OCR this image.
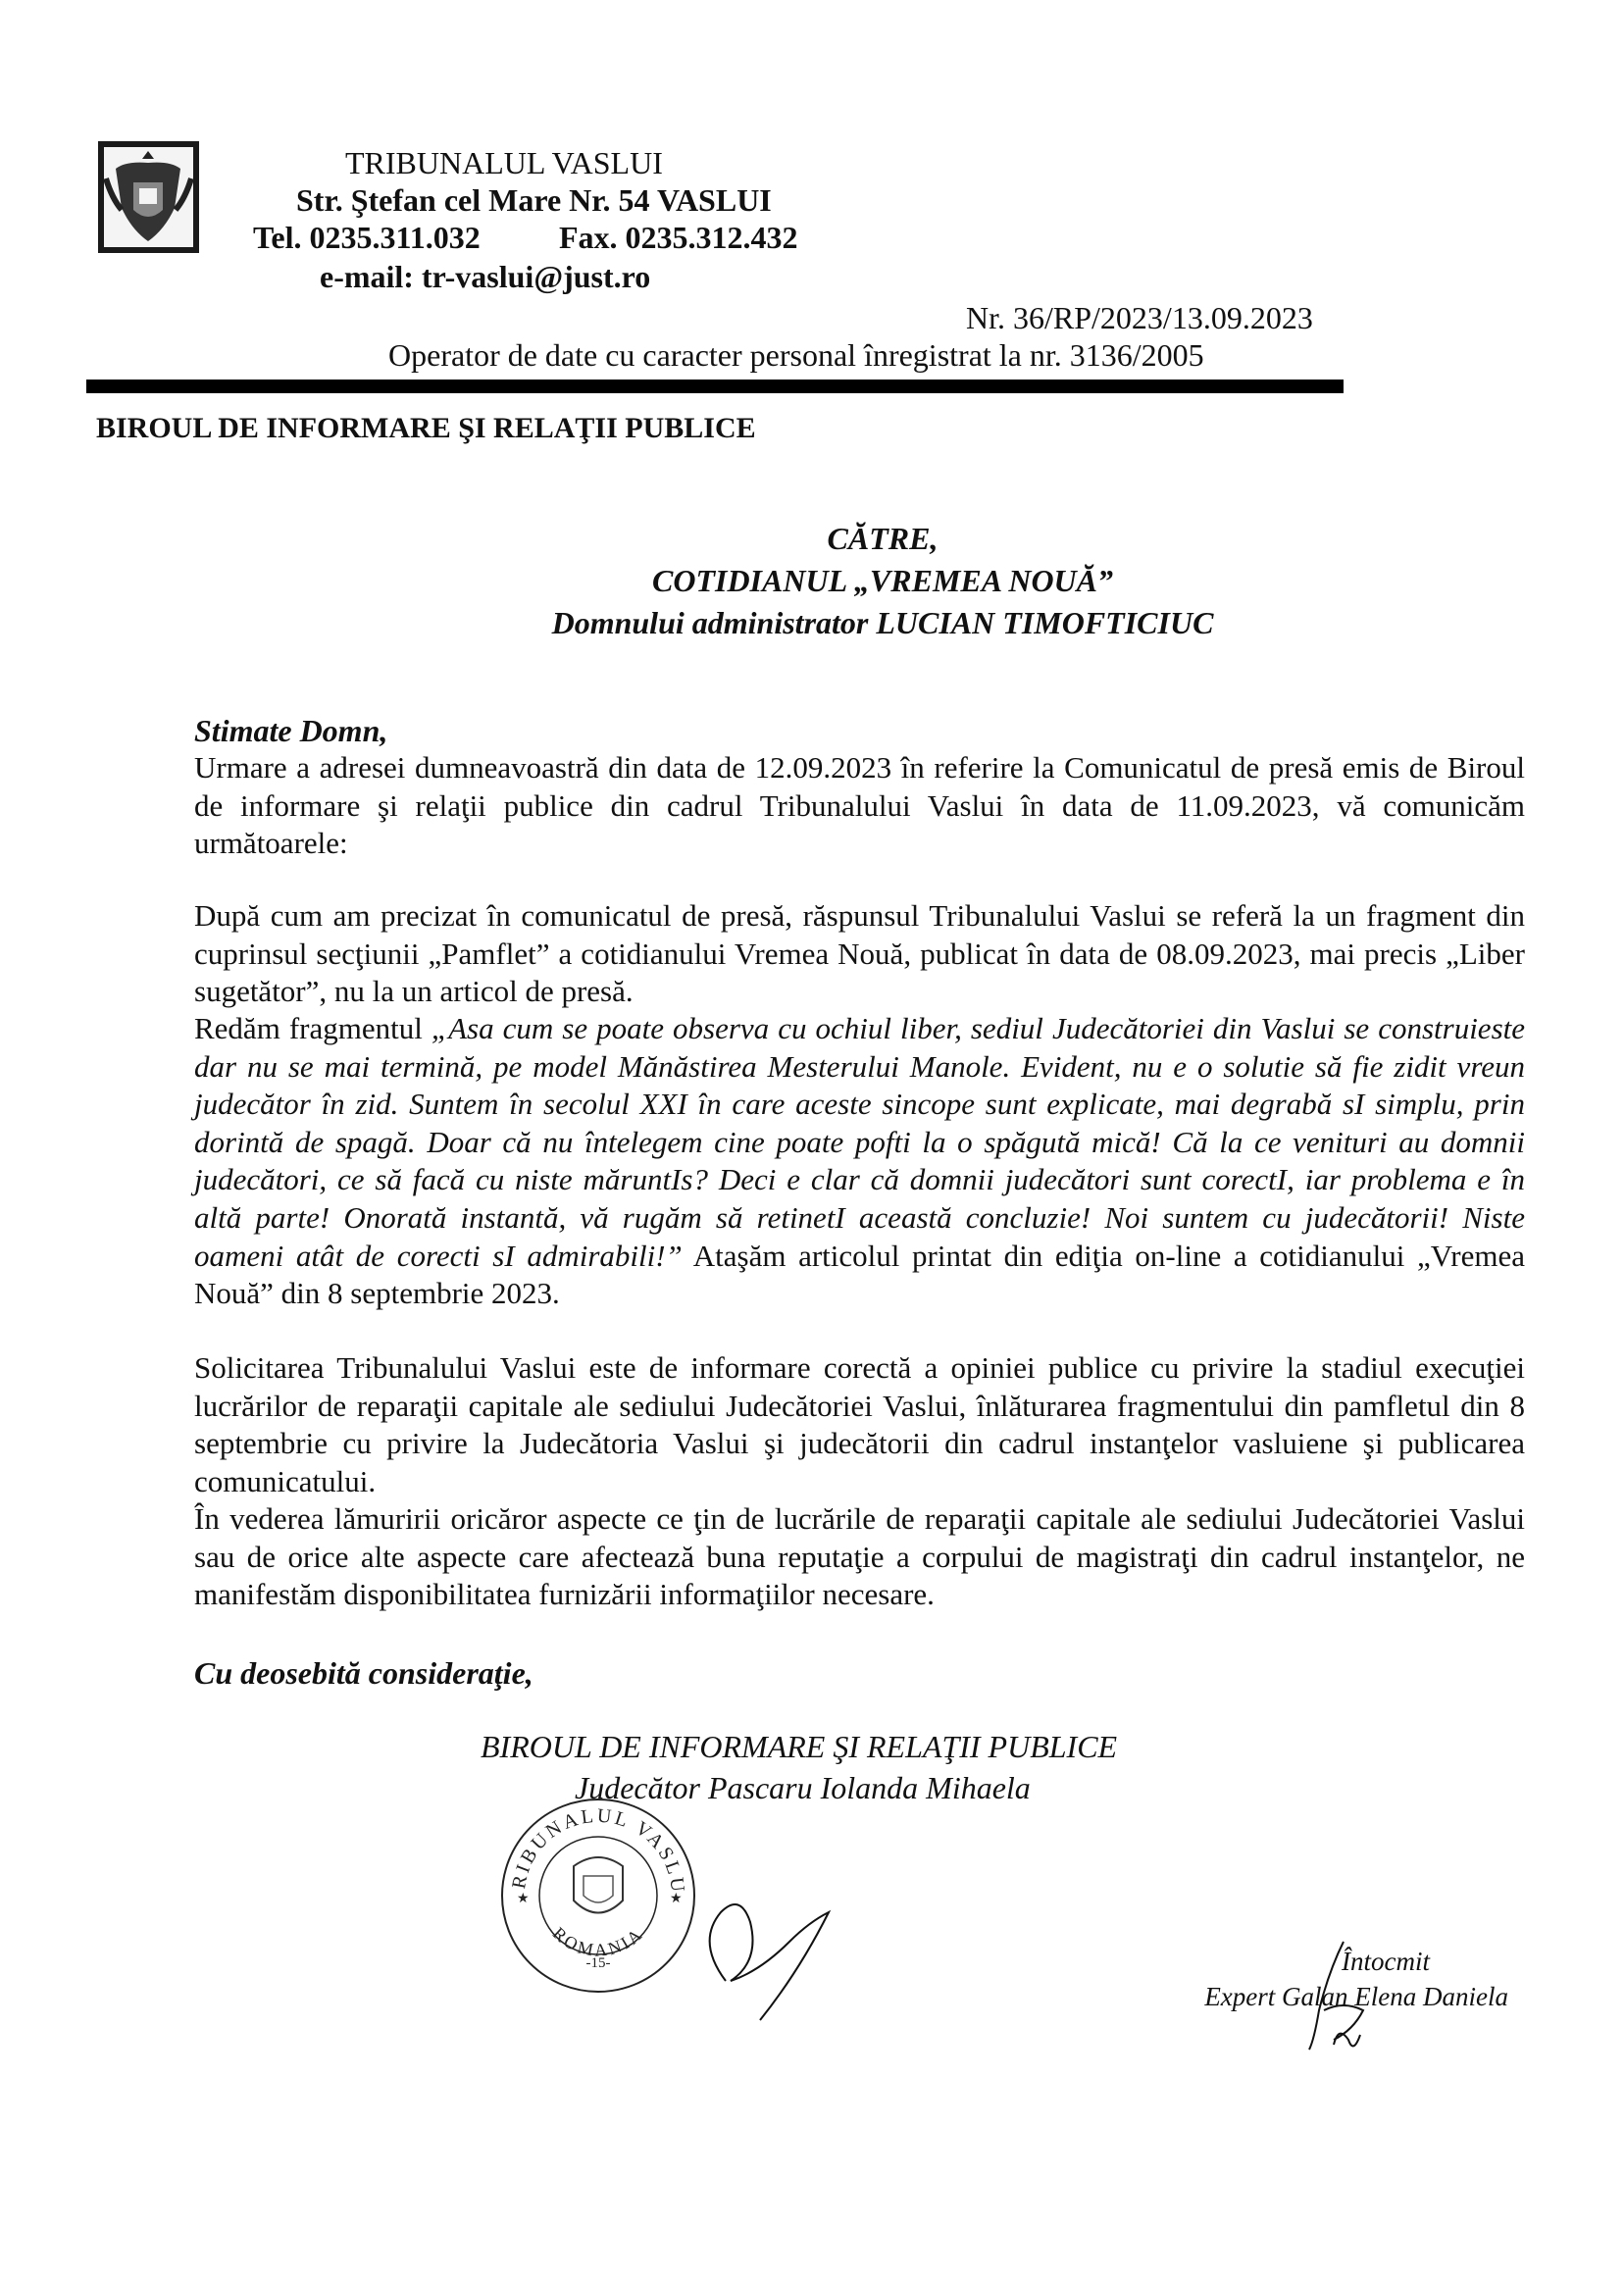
TRIBUNALUL VASLUI
Str. Ştefan cel Mare Nr. 54 VASLUI
Tel. 0235.311.032	Fax. 0235.312.432
e-mail: tr-vaslui@just.ro
Nr. 36/RP/2023/13.09.2023
Operator de date cu caracter personal înregistrat la nr. 3136/2005
BIROUL DE INFORMARE ŞI RELAŢII PUBLICE
CĂTRE,
COTIDIANUL „VREMEA NOUĂ”
Domnului administrator LUCIAN TIMOFTICIUC
Stimate Domn,

Urmare a adresei dumneavoastră din data de 12.09.2023 în referire la Comunicatul de presă emis de Biroul de informare şi relaţii publice din cadrul Tribunalului Vaslui în data de 11.09.2023, vă comunicăm următoarele:

După cum am precizat în comunicatul de presă, răspunsul Tribunalului Vaslui se referă la un fragment din cuprinsul secţiunii „Pamflet” a cotidianului Vremea Nouă, publicat în data de 08.09.2023, mai precis „Liber sugetător”, nu la un articol de presă.

Redăm fragmentul „Asa cum se poate observa cu ochiul liber, sediul Judecătoriei din Vaslui se construieste dar nu se mai termină, pe model Mănăstirea Mesterului Manole. Evident, nu e o solutie să fie zidit vreun judecător în zid. Suntem în secolul XXI în care aceste sincope sunt explicate, mai degrabă sI simplu, prin dorintă de spagă. Doar că nu întelegem cine poate pofti la o spăgută mică! Că la ce venituri au domnii judecători, ce să facă cu niste măruntIs? Deci e clar că domnii judecători sunt corectI, iar problema e în altă parte! Onorată instantă, vă rugăm să retinetI această concluzie! Noi suntem cu judecătorii! Niste oameni atât de corecti sI admirabili!” Ataşăm articolul printat din ediţia on-line a cotidianului „Vremea Nouă” din 8 septembrie 2023.

Solicitarea Tribunalului Vaslui este de informare corectă a opiniei publice cu privire la stadiul execuţiei lucrărilor de reparaţii capitale ale sediului Judecătoriei Vaslui, înlăturarea fragmentului din pamfletul din 8 septembrie cu privire la Judecătoria Vaslui şi judecătorii din cadrul instanţelor vasluiene şi publicarea comunicatului.

În vederea lămuririi oricăror aspecte ce ţin de lucrările de reparaţii capitale ale sediului Judecătoriei Vaslui sau de orice alte aspecte care afectează buna reputaţie a corpului de magistraţi din cadrul instanţelor, ne manifestăm disponibilitatea furnizării informaţiilor necesare.

Cu deosebită consideraţie,
BIROUL DE INFORMARE ŞI RELAŢII PUBLICE
Judecător Pascaru Iolanda Mihaela
RIBUNALUL VASLU
ROMANIA
-15-
★	★
Întocmit
Expert Galan Elena Daniela
